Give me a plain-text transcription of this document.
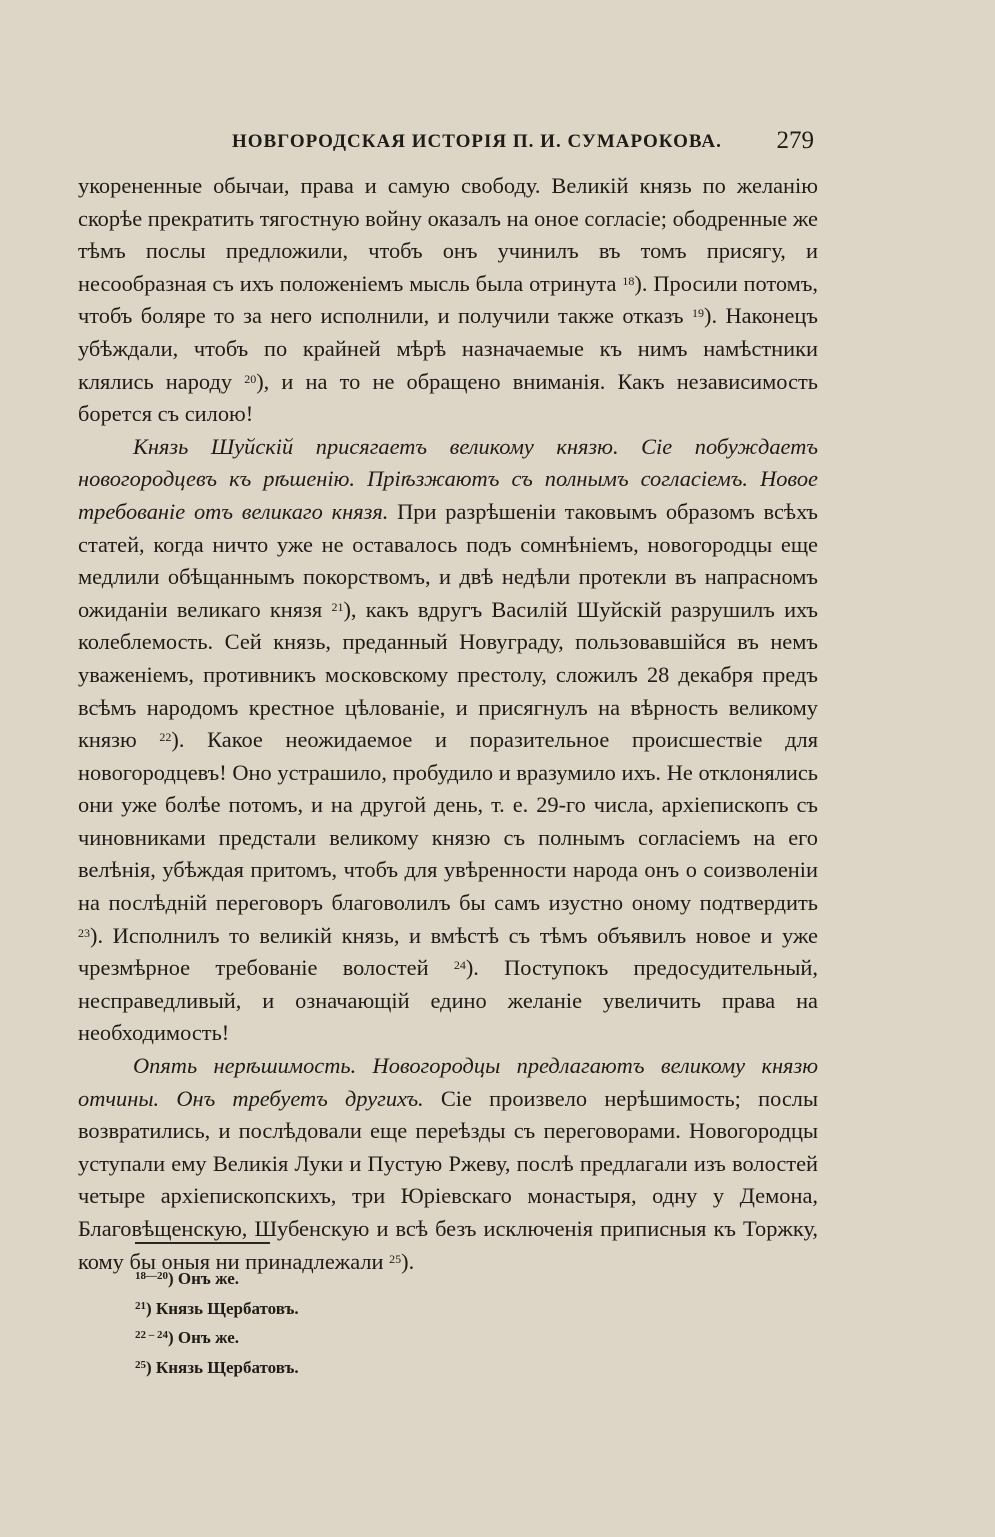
НОВГОРОДСКАЯ ИСТОРІЯ П. И. СУМАРОКОВА. 279

укорененные обычаи, права и самую свободу. Великій князь по желанію скорѣе прекратить тягостную войну оказалъ на оное согласіе; ободренные же тѣмъ послы предложили, чтобъ онъ учинилъ въ томъ присягу, и несообразная съ ихъ положеніемъ мысль была отринута $^{18}$). Просили потомъ, чтобъ боляре то за него исполнили, и получили также отказъ $^{19}$). Наконецъ убѣждали, чтобъ по крайней мѣрѣ назначаемые къ нимъ намѣстники клялись народу $^{20}$), и на то не обращено вниманія. Какъ независимость борется съ силою!

Князь Шуйскій присягаетъ великому князю. Сіе побуждаетъ новогородцевъ къ рѣшенію. Пріѣзжаютъ съ полнымъ согласіемъ. Новое требованіе отъ великаго князя. При разрѣшеніи таковымъ образомъ всѣхъ статей, когда ничто уже не оставалось подъ сомнѣніемъ, новогородцы еще медлили обѣщаннымъ покорствомъ, и двѣ недѣли протекли въ напрасномъ ожиданіи великаго князя $^{21}$), какъ вдругъ Василій Шуйскій разрушилъ ихъ колеблемость. Сей князь, преданный Новуграду, пользовавшійся въ немъ уваженіемъ, противникъ московскому престолу, сложилъ 28 декабря предъ всѣмъ народомъ крестное цѣлованіе, и присягнулъ на вѣрность великому князю $^{22}$). Какое неожидаемое и поразительное происшествіе для новогородцевъ! Оно устрашило, пробудило и вразумило ихъ. Не отклонялись они уже болѣе потомъ, и на другой день, т. е. 29-го числа, архіепископъ съ чиновниками предстали великому князю съ полнымъ согласіемъ на его велѣнія, убѣждая притомъ, чтобъ для увѣренности народа онъ о соизволеніи на послѣдній переговоръ благоволилъ бы самъ изустно оному подтвердить $^{23}$). Исполнилъ то великій князь, и вмѣстѣ съ тѣмъ объявилъ новое и уже чрезмѣрное требованіе волостей $^{24}$). Поступокъ предосудительный, несправедливый, и означающій едино желаніе увеличить права на необходимость!

Опять нерѣшимость. Новогородцы предлагаютъ великому князю отчины. Онъ требуетъ другихъ. Сіе произвело нерѣшимость; послы возвратились, и послѣдовали еще переѣзды съ переговорами. Новогородцы уступали ему Великія Луки и Пустую Ржеву, послѣ предлагали изъ волостей четыре архіепископскихъ, три Юріевскаго монастыря, одну у Демона, Благовѣщенскую, Шубенскую и всѣ безъ исключенія приписныя къ Торжку, кому бы оныя ни принадлежали $^{25}$).

$^{18—20}$) Онъ же.
$^{21}$) Князь Щербатовъ.
$^{22 - 24}$) Онъ же.
$^{25}$) Князь Щербатовъ.
